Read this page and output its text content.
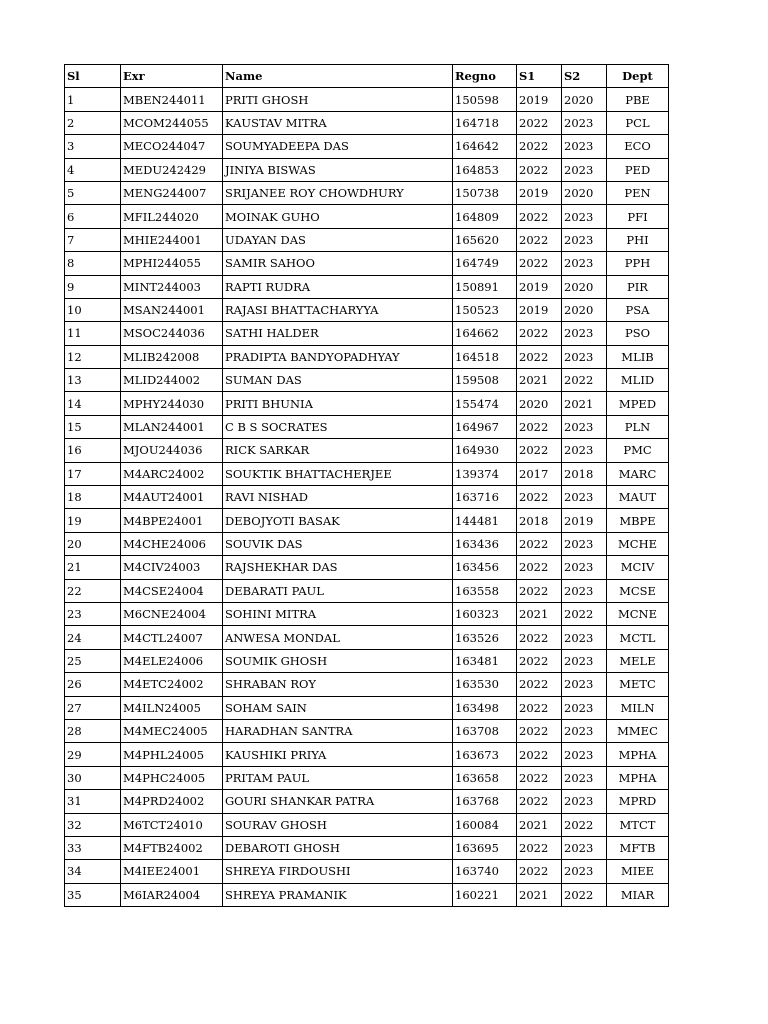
Sl	Exr	Name	Regno	S1	S2	Dept
1	MBEN244011	PRITI GHOSH	150598	2019	2020	PBE
2	MCOM244055	KAUSTAV MITRA	164718	2022	2023	PCL
3	MECO244047	SOUMYADEEPA DAS	164642	2022	2023	ECO
4	MEDU242429	JINIYA BISWAS	164853	2022	2023	PED
5	MENG244007	SRIJANEE ROY CHOWDHURY	150738	2019	2020	PEN
6	MFIL244020	MOINAK GUHO	164809	2022	2023	PFI
7	MHIE244001	UDAYAN DAS	165620	2022	2023	PHI
8	MPHI244055	SAMIR SAHOO	164749	2022	2023	PPH
9	MINT244003	RAPTI RUDRA	150891	2019	2020	PIR
10	MSAN244001	RAJASI BHATTACHARYYA	150523	2019	2020	PSA
11	MSOC244036	SATHI HALDER	164662	2022	2023	PSO
12	MLIB242008	PRADIPTA BANDYOPADHYAY	164518	2022	2023	MLIB
13	MLID244002	SUMAN DAS	159508	2021	2022	MLID
14	MPHY244030	PRITI BHUNIA	155474	2020	2021	MPED
15	MLAN244001	C B S SOCRATES	164967	2022	2023	PLN
16	MJOU244036	RICK SARKAR	164930	2022	2023	PMC
17	M4ARC24002	SOUKTIK BHATTACHERJEE	139374	2017	2018	MARC
18	M4AUT24001	RAVI NISHAD	163716	2022	2023	MAUT
19	M4BPE24001	DEBOJYOTI BASAK	144481	2018	2019	MBPE
20	M4CHE24006	SOUVIK DAS	163436	2022	2023	MCHE
21	M4CIV24003	RAJSHEKHAR DAS	163456	2022	2023	MCIV
22	M4CSE24004	DEBARATI PAUL	163558	2022	2023	MCSE
23	M6CNE24004	SOHINI MITRA	160323	2021	2022	MCNE
24	M4CTL24007	ANWESA MONDAL	163526	2022	2023	MCTL
25	M4ELE24006	SOUMIK GHOSH	163481	2022	2023	MELE
26	M4ETC24002	SHRABAN ROY	163530	2022	2023	METC
27	M4ILN24005	SOHAM SAIN	163498	2022	2023	MILN
28	M4MEC24005	HARADHAN SANTRA	163708	2022	2023	MMEC
29	M4PHL24005	KAUSHIKI PRIYA	163673	2022	2023	MPHA
30	M4PHC24005	PRITAM PAUL	163658	2022	2023	MPHA
31	M4PRD24002	GOURI SHANKAR PATRA	163768	2022	2023	MPRD
32	M6TCT24010	SOURAV GHOSH	160084	2021	2022	MTCT
33	M4FTB24002	DEBAROTI GHOSH	163695	2022	2023	MFTB
34	M4IEE24001	SHREYA FIRDOUSHI	163740	2022	2023	MIEE
35	M6IAR24004	SHREYA PRAMANIK	160221	2021	2022	MIAR
